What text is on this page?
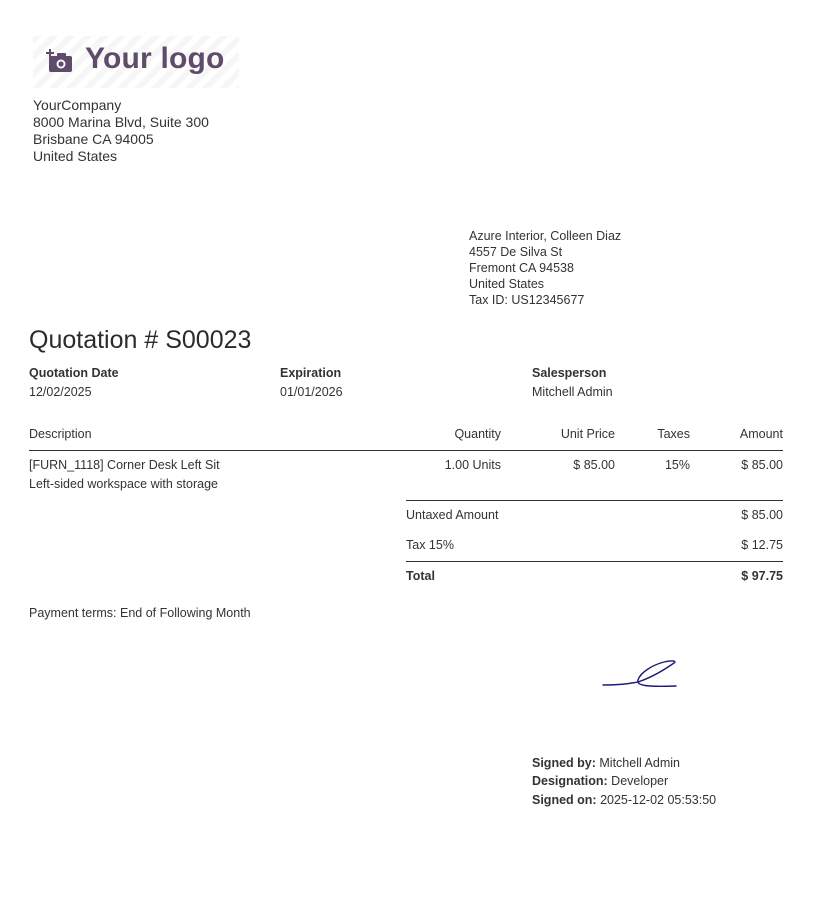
Your logo
YourCompany
8000 Marina Blvd, Suite 300
Brisbane CA 94005
United States
Azure Interior, Colleen Diaz
4557 De Silva St
Fremont CA 94538
United States
Tax ID: US12345677
Quotation # S00023
Quotation Date
12/02/2025
Expiration
01/01/2026
Salesperson
Mitchell Admin
Description	Quantity	Unit Price	Taxes	Amount
[FURN_1118] Corner Desk Left Sit
Left-sided workspace with storage
1.00 Units	$ 85.00	15%	$ 85.00
Untaxed Amount	$ 85.00
Tax 15%	$ 12.75
Total	$ 97.75
Payment terms: End of Following Month
Signed by: Mitchell Admin
Designation: Developer
Signed on: 2025-12-02 05:53:50
